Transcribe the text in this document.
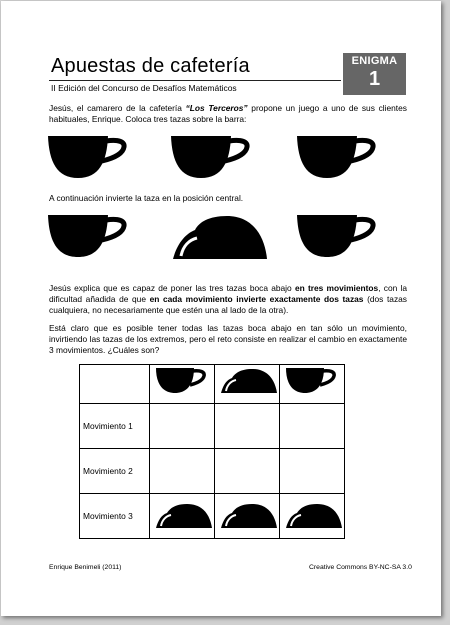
Apuestas de cafetería
II Edición del Concurso de Desafíos Matemáticos
ENIGMA
1
Jesús, el camarero de la cafetería “Los Terceros” propone un juego a uno de sus clientes habituales, Enrique. Coloca tres tazas sobre la barra:
A continuación invierte la taza en la posición central.
Jesús explica que es capaz de poner las tres tazas boca abajo en tres movimientos, con la dificultad añadida de que en cada movimiento invierte exactamente dos tazas (dos tazas cualquiera, no necesariamente que estén una al lado de la otra).
Está claro que es posible tener todas las tazas boca abajo en tan sólo un movimiento, invirtiendo las tazas de los extremos, pero el reto consiste en realizar el cambio en exactamente 3 movimientos. ¿Cuáles son?

Movimiento 1			
Movimiento 2			
Movimiento 3	

Enrique Benimeli (2011)	Creative Commons BY-NC-SA 3.0
